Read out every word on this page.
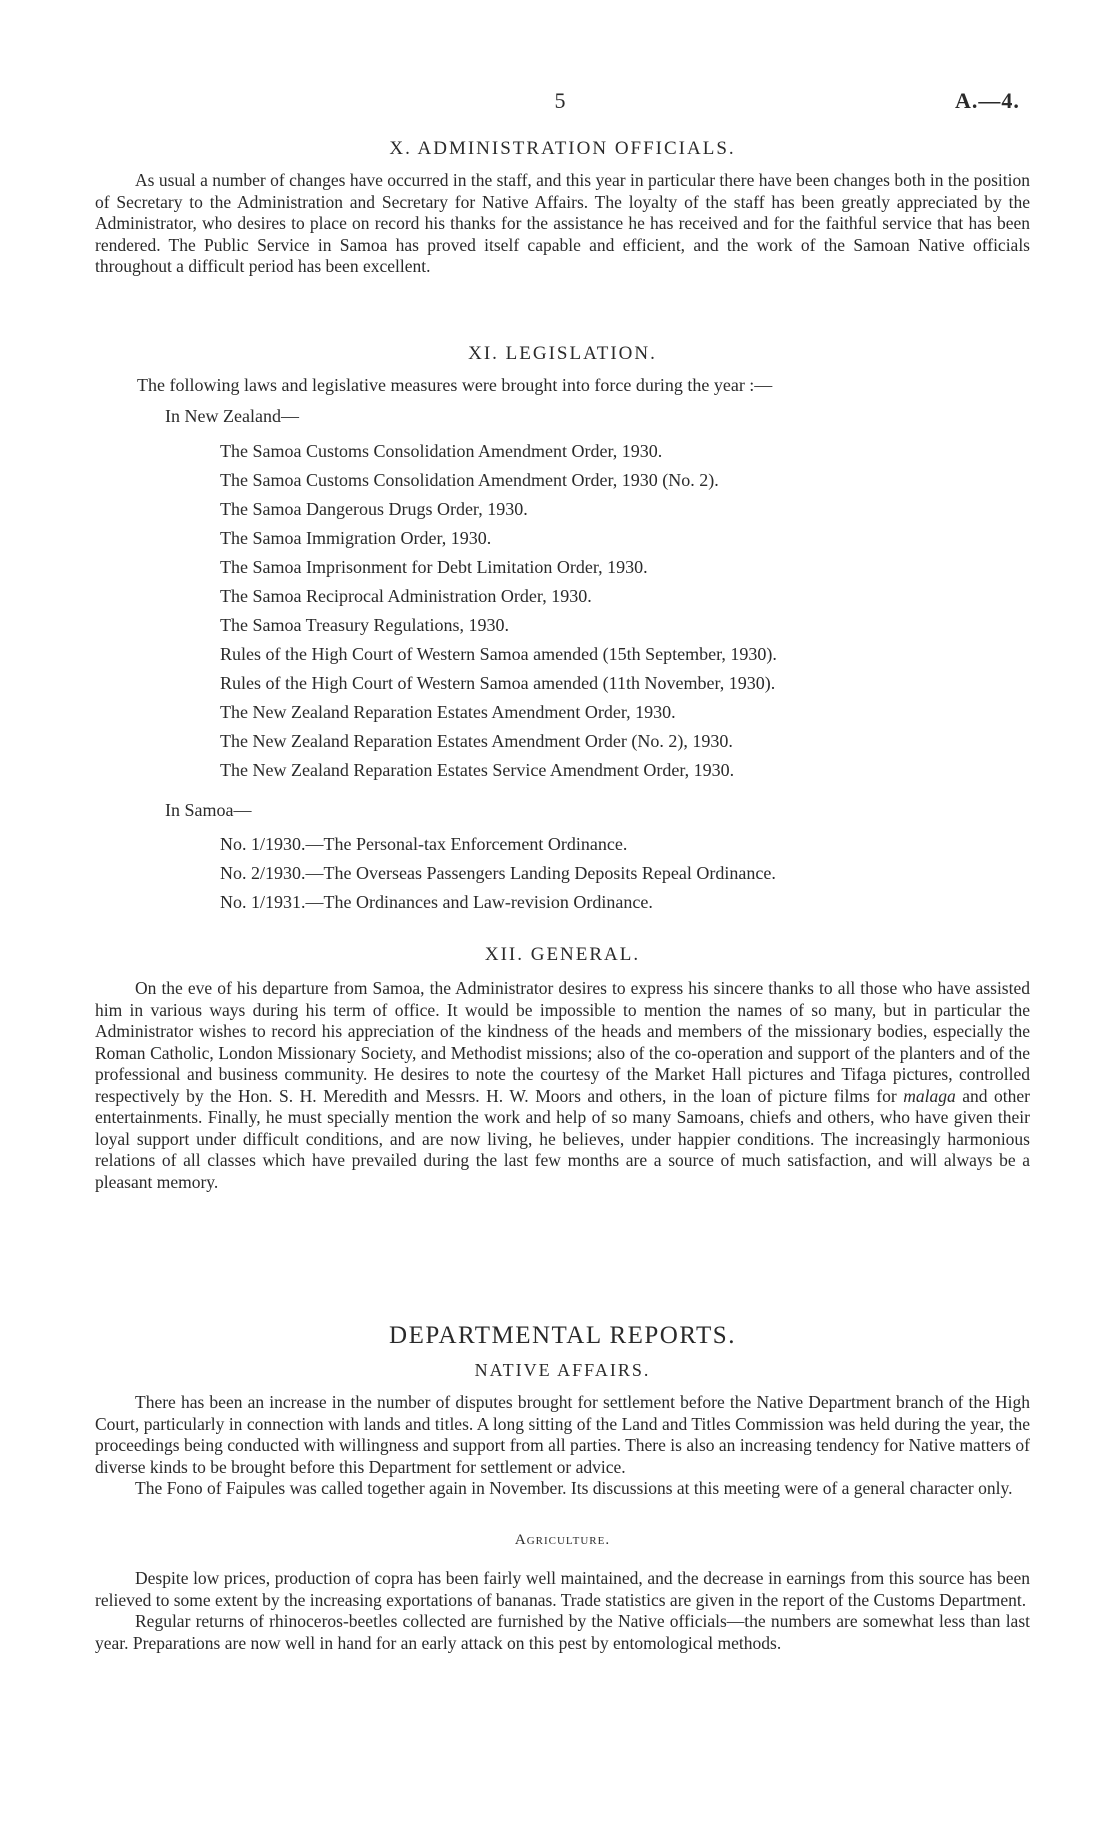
5	A.—4.
X. ADMINISTRATION OFFICIALS.

As usual a number of changes have occurred in the staff, and this year in particular there have been changes both in the position of Secretary to the Administration and Secretary for Native Affairs. The loyalty of the staff has been greatly appreciated by the Administrator, who desires to place on record his thanks for the assistance he has received and for the faithful service that has been rendered. The Public Service in Samoa has proved itself capable and efficient, and the work of the Samoan Native officials throughout a difficult period has been excellent.

XI. LEGISLATION.
The following laws and legislative measures were brought into force during the year :—
In New Zealand—
The Samoa Customs Consolidation Amendment Order, 1930.
The Samoa Customs Consolidation Amendment Order, 1930 (No. 2).
The Samoa Dangerous Drugs Order, 1930.
The Samoa Immigration Order, 1930.
The Samoa Imprisonment for Debt Limitation Order, 1930.
The Samoa Reciprocal Administration Order, 1930.
The Samoa Treasury Regulations, 1930.
Rules of the High Court of Western Samoa amended (15th September, 1930).
Rules of the High Court of Western Samoa amended (11th November, 1930).
The New Zealand Reparation Estates Amendment Order, 1930.
The New Zealand Reparation Estates Amendment Order (No. 2), 1930.
The New Zealand Reparation Estates Service Amendment Order, 1930.
In Samoa—
No. 1/1930.—The Personal-tax Enforcement Ordinance.
No. 2/1930.—The Overseas Passengers Landing Deposits Repeal Ordinance.
No. 1/1931.—The Ordinances and Law-revision Ordinance.
XII. GENERAL.

On the eve of his departure from Samoa, the Administrator desires to express his sincere thanks to all those who have assisted him in various ways during his term of office. It would be impossible to mention the names of so many, but in particular the Administrator wishes to record his appreciation of the kindness of the heads and members of the missionary bodies, especially the Roman Catholic, London Missionary Society, and Methodist missions; also of the co-operation and support of the planters and of the professional and business community. He desires to note the courtesy of the Market Hall pictures and Tifaga pictures, controlled respectively by the Hon. S. H. Meredith and Messrs. H. W. Moors and others, in the loan of picture films for malaga and other entertainments. Finally, he must specially mention the work and help of so many Samoans, chiefs and others, who have given their loyal support under difficult conditions, and are now living, he believes, under happier conditions. The increasingly harmonious relations of all classes which have prevailed during the last few months are a source of much satisfaction, and will always be a pleasant memory.

DEPARTMENTAL REPORTS.
NATIVE AFFAIRS.

There has been an increase in the number of disputes brought for settlement before the Native Department branch of the High Court, particularly in connection with lands and titles. A long sitting of the Land and Titles Commission was held during the year, the proceedings being conducted with willingness and support from all parties. There is also an increasing tendency for Native matters of diverse kinds to be brought before this Department for settlement or advice.

The Fono of Faipules was called together again in November. Its discussions at this meeting were of a general character only.

Agriculture.

Despite low prices, production of copra has been fairly well maintained, and the decrease in earnings from this source has been relieved to some extent by the increasing exportations of bananas. Trade statistics are given in the report of the Customs Department.

Regular returns of rhinoceros-beetles collected are furnished by the Native officials—the numbers are somewhat less than last year. Preparations are now well in hand for an early attack on this pest by entomological methods.
